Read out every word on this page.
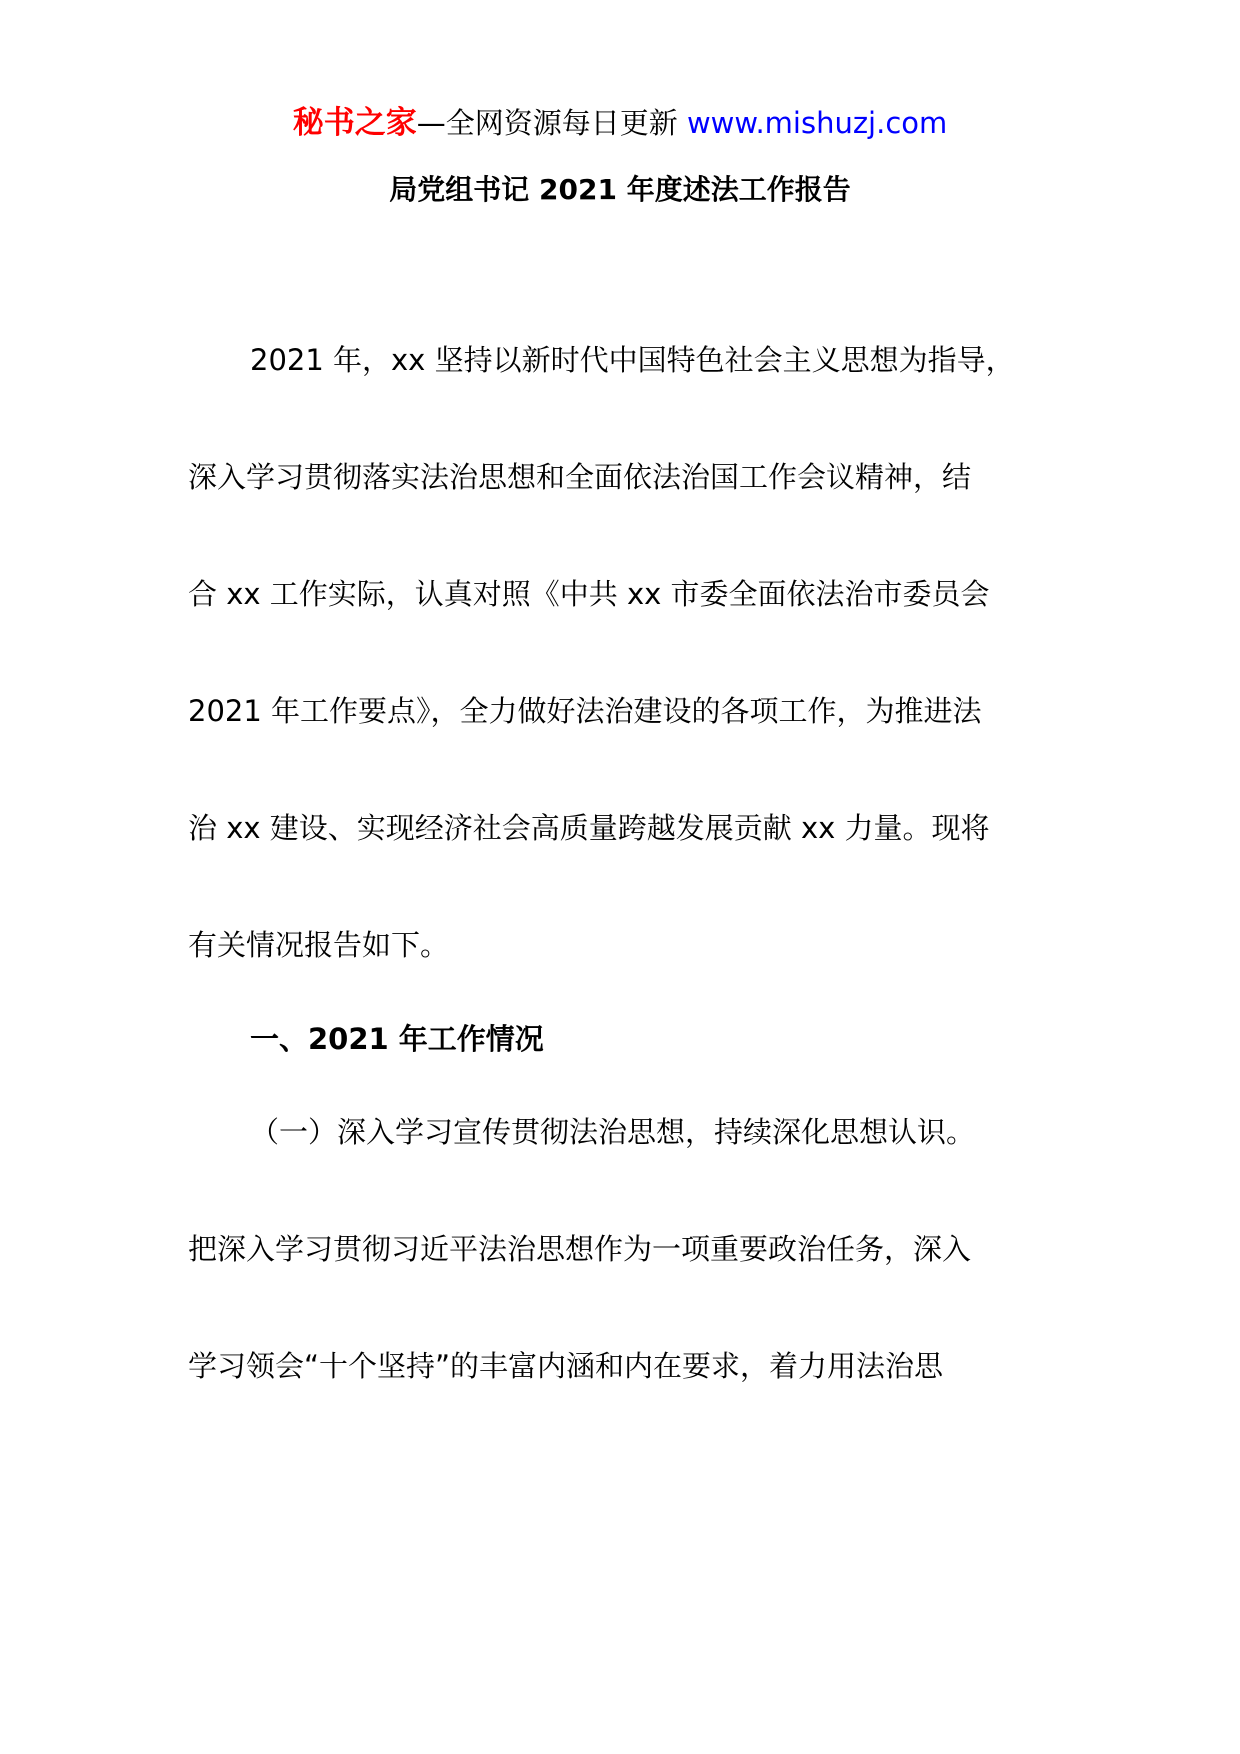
秘书之家—全网资源每日更新 www.mishuzj.com
局党组书记 2021 年度述法工作报告
2021 年，xx 坚持以新时代中国特色社会主义思想为指导，
深入学习贯彻落实法治思想和全面依法治国工作会议精神，结
合 xx 工作实际，认真对照《中共 xx 市委全面依法治市委员会
2021 年工作要点》，全力做好法治建设的各项工作，为推进法
治 xx 建设、实现经济社会高质量跨越发展贡献 xx 力量。现将
有关情况报告如下。
一、2021 年工作情况
（一）深入学习宣传贯彻法治思想，持续深化思想认识。
把深入学习贯彻习近平法治思想作为一项重要政治任务，深入
学习领会“十个坚持”的丰富内涵和内在要求，着力用法治思
